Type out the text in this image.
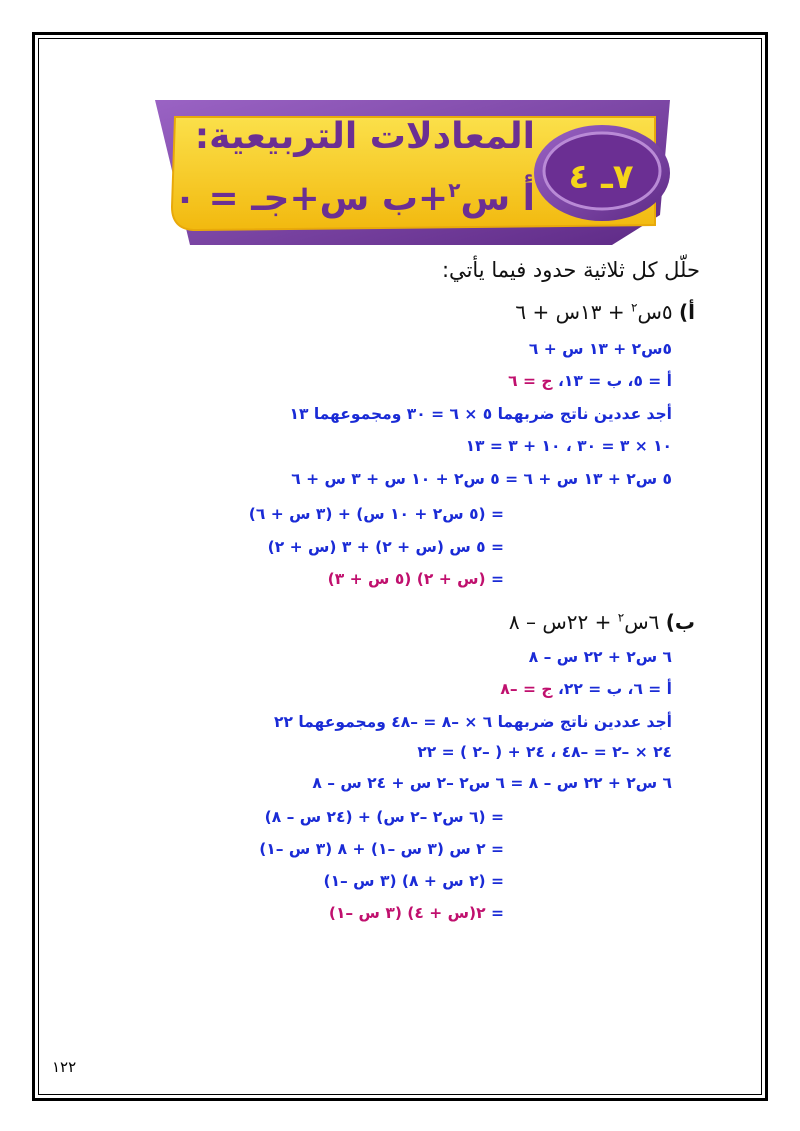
المعادلات التربيعية:
أ س$^٢$+ب س+جـ = ٠
٧ـ ٤
حلّل كل ثلاثية حدود فيما يأتي:
أ) ٥س$^٢$ + ١٣س + ٦
٥س٢ + ١٣ س + ٦
أ = ٥، ب = ١٣، ج = ٦
أجد عددين ناتج ضربهما ٥ × ٦ = ٣٠ ومجموعهما ١٣
١٠ × ٣ = ٣٠ ، ١٠ + ٣ = ١٣
٥ س٢ + ١٣ س + ٦ = ٥ س٢ + ١٠ س + ٣ س + ٦
= (٥ س٢ + ١٠ س) + (٣ س + ٦)
= ٥ س (س + ٢) + ٣ (س + ٢)
= (س + ٢) (٥ س + ٣)
ب) ٦س$^٢$ + ٢٢س – ٨
٦ س٢ + ٢٢ س – ٨
أ = ٦، ب = ٢٢، ج = –٨
أجد عددين ناتج ضربهما ٦ × –٨ = –٤٨ ومجموعهما ٢٢
٢٤ × –٢ = –٤٨ ، ٢٤ + ( –٢ ) = ٢٢
٦ س٢ + ٢٢ س – ٨ = ٦ س٢ –٢ س + ٢٤ س – ٨
= (٦ س٢ –٢ س) + (٢٤ س – ٨)
= ٢ س (٣ س –١) + ٨ (٣ س –١)
= (٢ س + ٨) (٣ س –١)
= ٢(س + ٤) (٣ س –١)
١٢٢
